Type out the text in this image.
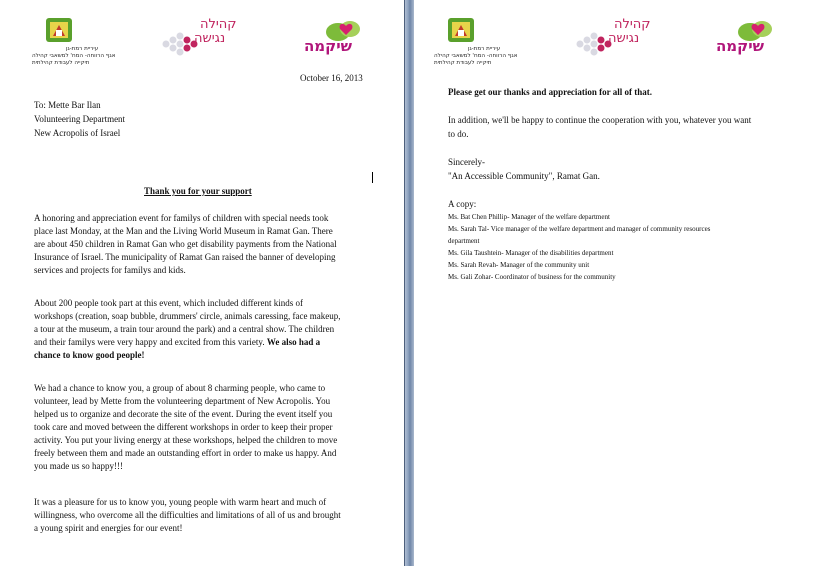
עיריית רמת-גן
אגף הרווחה- המח' למשאבי קהילה
תיקייה לעבודת קהילתית
קהילה
נגישה	שיקמה
October 16, 2013
To: Mette Bar Ilan
Volunteering Department
New Acropolis of Israel
Thank you for your support
A honoring and appreciation event for familys of children with special needs took
place last Monday, at the Man and the Living World Museum in Ramat Gan. There
are about 450 children in Ramat Gan who get disability payments from the National
Insurance of Israel. The municipality of Ramat Gan raised the banner of developing
services and projects for familys and kids.
About 200 people took part at this event, which included different kinds of
workshops (creation, soap bubble, drummers' circle, animals caressing, face makeup,
a tour at the museum, a train tour around the park) and a central show. The children
and their familys were very happy and excited from this variety. We also had a
chance to know good people!
We had a chance to know you, a group of about 8 charming people, who came to
volunteer, lead by Mette from the volunteering department of New Acropolis. You
helped us to organize and decorate the site of the event. During the event itself you
took care and moved between the different workshops in order to keep their proper
activity. You put your living energy at these workshops, helped the children to move
freely between them and made an outstanding effort in order to make us happy. And
you made us so happy!!!
It was a pleasure for us to know you, young people with warm heart and much of
willingness, who overcome all the difficulties and limitations of all of us and brought
a young spirit and energies for our event!
עיריית רמת-גן
אגף הרווחה- המח' למשאבי קהילה
תיקייה לעבודת קהילתית
קהילה
נגישה	שיקמה
Please get our thanks and appreciation for all of that.
In addition, we'll be happy to continue the cooperation with you, whatever you want
to do.
Sincerely-
"An Accessible Community", Ramat Gan.
A copy:
Ms. Bat Chen Phillip- Manager of the welfare department
Ms. Sarah Tal- Vice manager of the welfare department and manager of community resources
department
Ms. Gila Taushtein- Manager of the disabilities department
Ms. Sarah Revah- Manager of the community unit
Ms. Gali Zohar- Coordinator of business for the community
